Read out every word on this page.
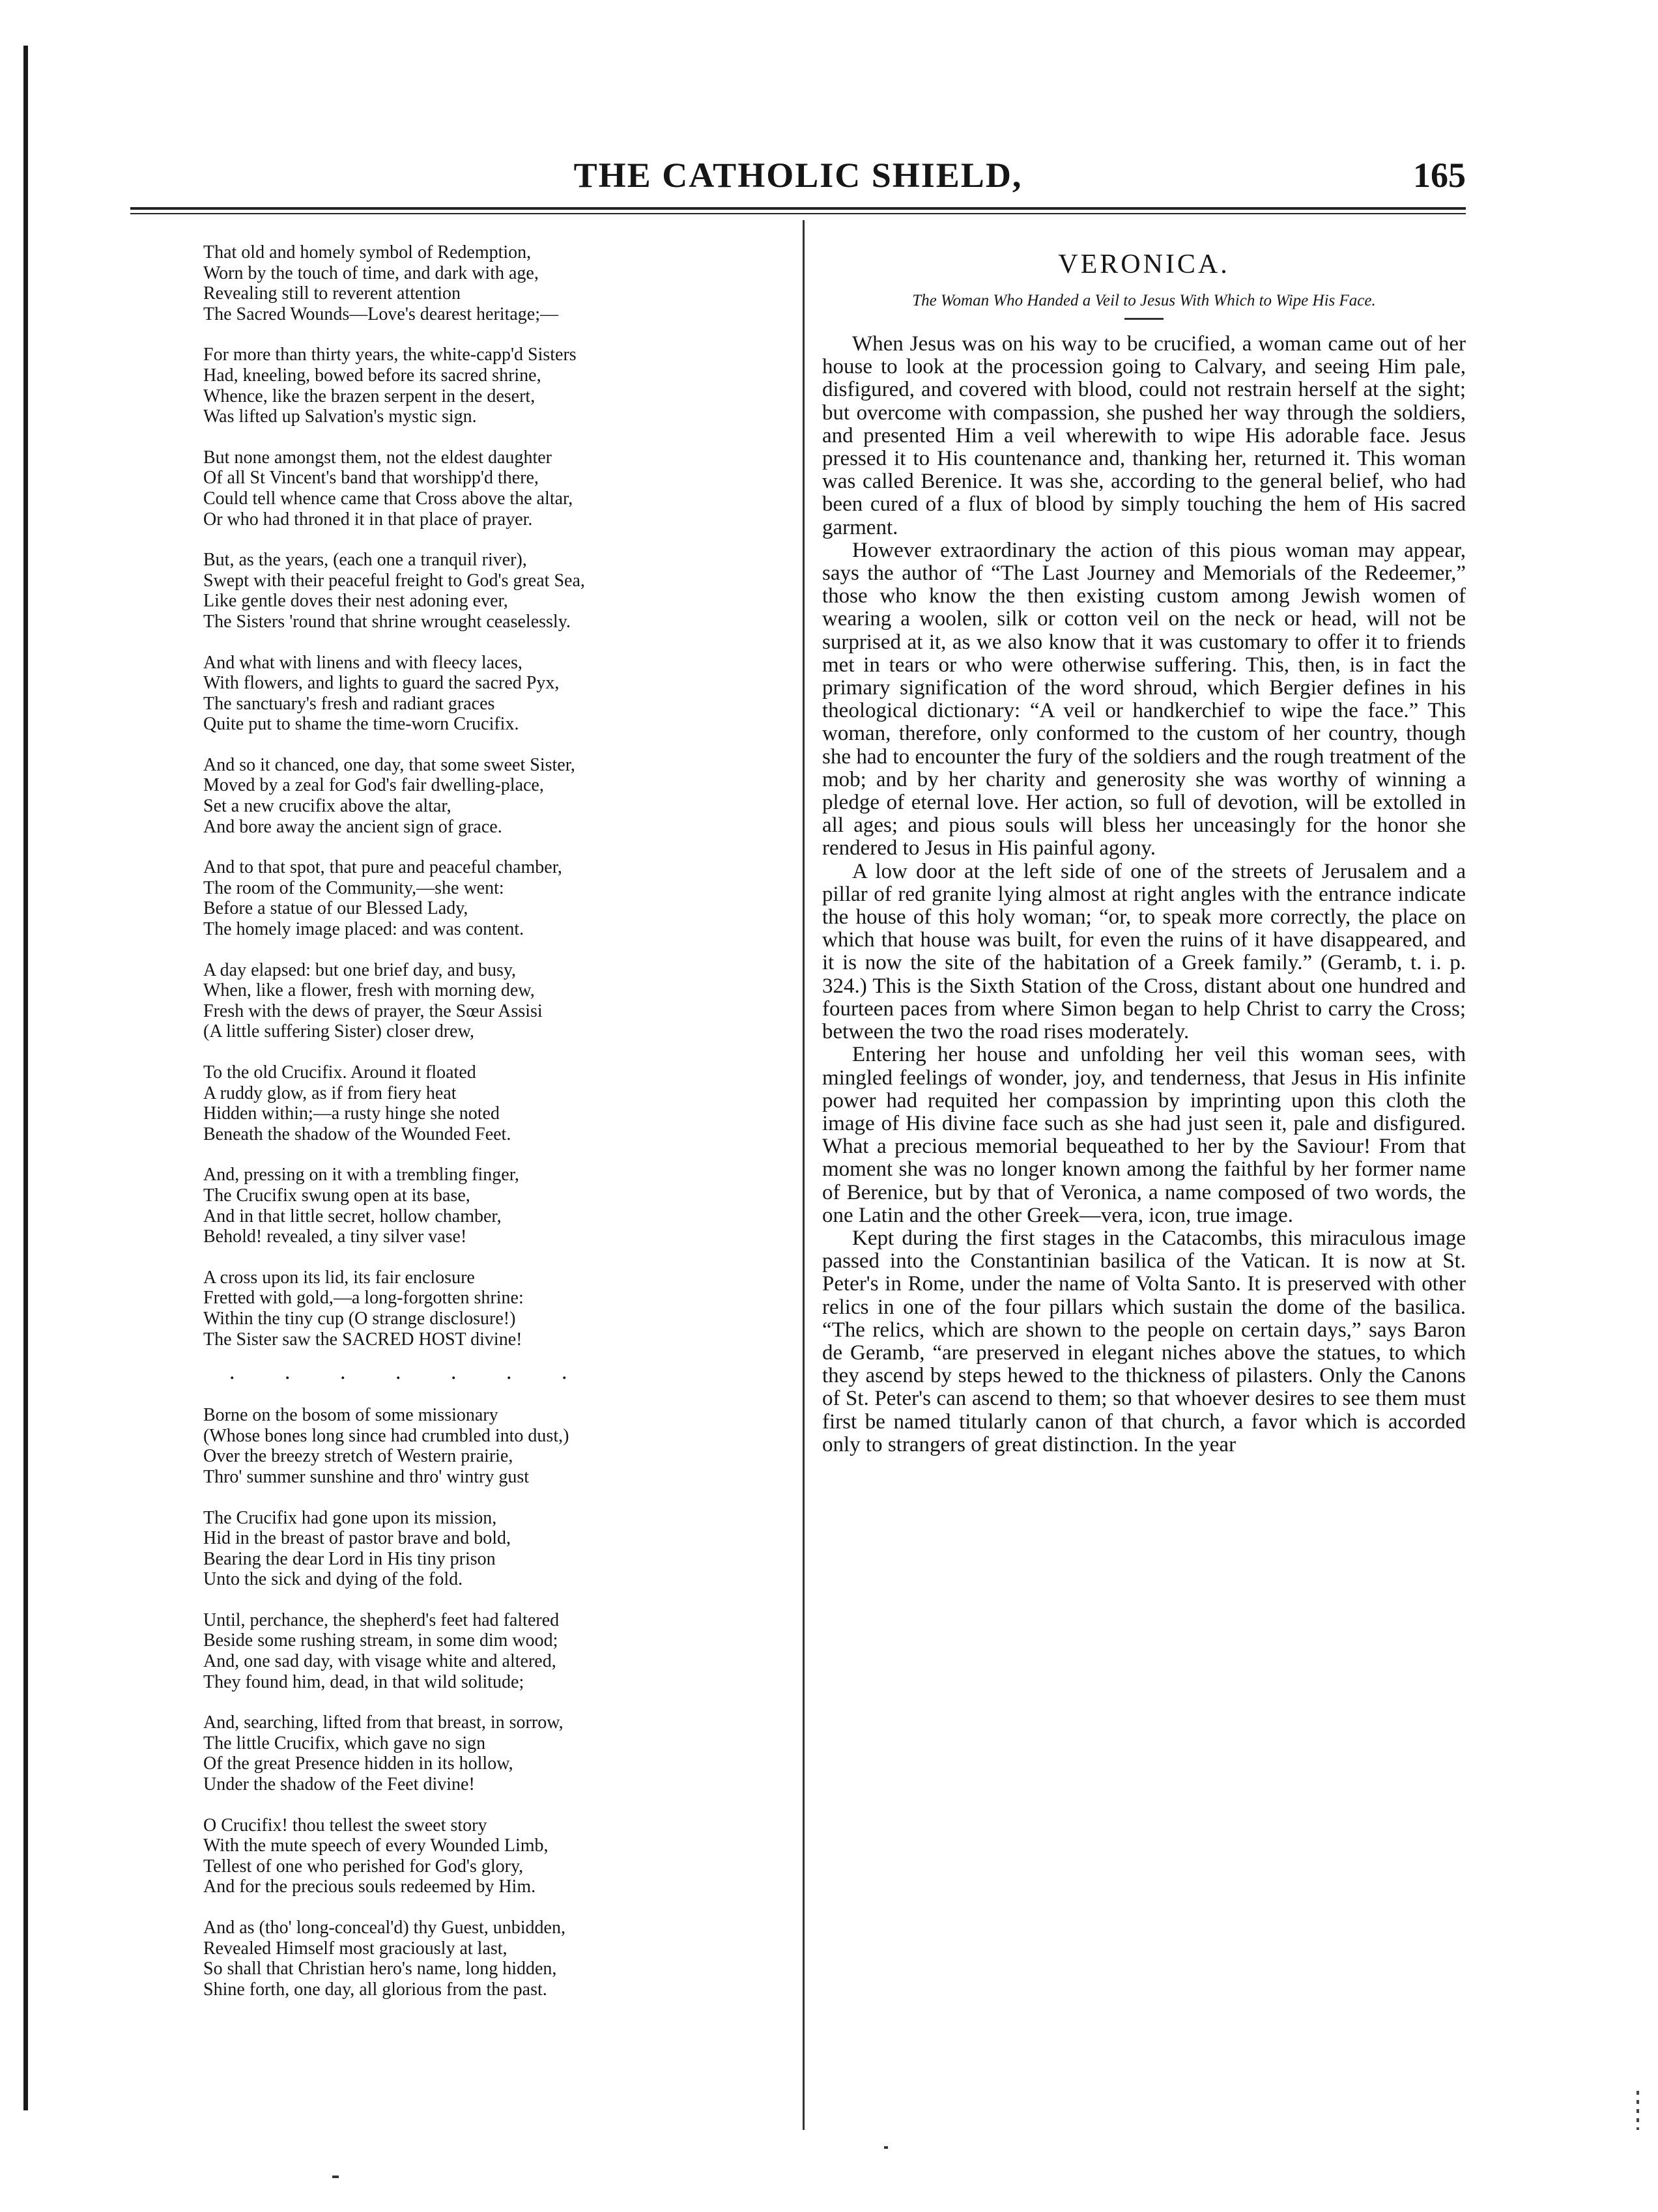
THE CATHOLIC SHIELD,	165
That old and homely symbol of Redemption,
Worn by the touch of time, and dark with age,
Revealing still to reverent attention
The Sacred Wounds—Love's dearest heritage;—
For more than thirty years, the white-capp'd Sisters
Had, kneeling, bowed before its sacred shrine,
Whence, like the brazen serpent in the desert,
Was lifted up Salvation's mystic sign.
But none amongst them, not the eldest daughter
Of all St Vincent's band that worshipp'd there,
Could tell whence came that Cross above the altar,
Or who had throned it in that place of prayer.
But, as the years, (each one a tranquil river),
Swept with their peaceful freight to God's great Sea,
Like gentle doves their nest adoning ever,
The Sisters 'round that shrine wrought ceaselessly.
And what with linens and with fleecy laces,
With flowers, and lights to guard the sacred Pyx,
The sanctuary's fresh and radiant graces
Quite put to shame the time-worn Crucifix.
And so it chanced, one day, that some sweet Sister,
Moved by a zeal for God's fair dwelling-place,
Set a new crucifix above the altar,
And bore away the ancient sign of grace.
And to that spot, that pure and peaceful chamber,
The room of the Community,—she went:
Before a statue of our Blessed Lady,
The homely image placed: and was content.
A day elapsed: but one brief day, and busy,
When, like a flower, fresh with morning dew,
Fresh with the dews of prayer, the Sœur Assisi
(A little suffering Sister) closer drew,
To the old Crucifix. Around it floated
A ruddy glow, as if from fiery heat
Hidden within;—a rusty hinge she noted
Beneath the shadow of the Wounded Feet.
And, pressing on it with a trembling finger,
The Crucifix swung open at its base,
And in that little secret, hollow chamber,
Behold! revealed, a tiny silver vase!
A cross upon its lid, its fair enclosure
Fretted with gold,—a long-forgotten shrine:
Within the tiny cup (O strange disclosure!)
The Sister saw the SACRED HOST divine!
. . . . . . .
Borne on the bosom of some missionary
(Whose bones long since had crumbled into dust,)
Over the breezy stretch of Western prairie,
Thro' summer sunshine and thro' wintry gust
The Crucifix had gone upon its mission,
Hid in the breast of pastor brave and bold,
Bearing the dear Lord in His tiny prison
Unto the sick and dying of the fold.
Until, perchance, the shepherd's feet had faltered
Beside some rushing stream, in some dim wood;
And, one sad day, with visage white and altered,
They found him, dead, in that wild solitude;
And, searching, lifted from that breast, in sorrow,
The little Crucifix, which gave no sign
Of the great Presence hidden in its hollow,
Under the shadow of the Feet divine!
O Crucifix! thou tellest the sweet story
With the mute speech of every Wounded Limb,
Tellest of one who perished for God's glory,
And for the precious souls redeemed by Him.
And as (tho' long-conceal'd) thy Guest, unbidden,
Revealed Himself most graciously at last,
So shall that Christian hero's name, long hidden,
Shine forth, one day, all glorious from the past.
VERONICA.
The Woman Who Handed a Veil to Jesus With Which to Wipe His Face.

When Jesus was on his way to be crucified, a woman came out of her house to look at the procession going to Calvary, and seeing Him pale, disfigured, and covered with blood, could not restrain herself at the sight; but overcome with compassion, she pushed her way through the soldiers, and presented Him a veil wherewith to wipe His adorable face. Jesus pressed it to His countenance and, thanking her, returned it. This woman was called Berenice. It was she, according to the general belief, who had been cured of a flux of blood by simply touching the hem of His sacred garment.

However extraordinary the action of this pious woman may appear, says the author of “The Last Journey and Memorials of the Redeemer,” those who know the then existing custom among Jewish women of wearing a woolen, silk or cotton veil on the neck or head, will not be surprised at it, as we also know that it was customary to offer it to friends met in tears or who were otherwise suffering. This, then, is in fact the primary signification of the word shroud, which Bergier defines in his theological dictionary: “A veil or handkerchief to wipe the face.” This woman, therefore, only conformed to the custom of her country, though she had to encounter the fury of the soldiers and the rough treatment of the mob; and by her charity and generosity she was worthy of winning a pledge of eternal love. Her action, so full of devotion, will be extolled in all ages; and pious souls will bless her unceasingly for the honor she rendered to Jesus in His painful agony.

A low door at the left side of one of the streets of Jerusalem and a pillar of red granite lying almost at right angles with the entrance indicate the house of this holy woman; “or, to speak more correctly, the place on which that house was built, for even the ruins of it have disappeared, and it is now the site of the habitation of a Greek family.” (Geramb, t. i. p. 324.) This is the Sixth Station of the Cross, distant about one hundred and fourteen paces from where Simon began to help Christ to carry the Cross; between the two the road rises moderately.

Entering her house and unfolding her veil this woman sees, with mingled feelings of wonder, joy, and tenderness, that Jesus in His infinite power had requited her compassion by imprinting upon this cloth the image of His divine face such as she had just seen it, pale and disfigured. What a precious memorial bequeathed to her by the Saviour! From that moment she was no longer known among the faithful by her former name of Berenice, but by that of Veronica, a name composed of two words, the one Latin and the other Greek—vera, icon, true image.

Kept during the first stages in the Catacombs, this miraculous image passed into the Constantinian basilica of the Vatican. It is now at St. Peter's in Rome, under the name of Volta Santo. It is preserved with other relics in one of the four pillars which sustain the dome of the basilica. “The relics, which are shown to the people on certain days,” says Baron de Geramb, “are preserved in elegant niches above the statues, to which they ascend by steps hewed to the thickness of pilasters. Only the Canons of St. Peter's can ascend to them; so that whoever desires to see them must first be named titularly canon of that church, a favor which is accorded only to strangers of great distinction. In the year
